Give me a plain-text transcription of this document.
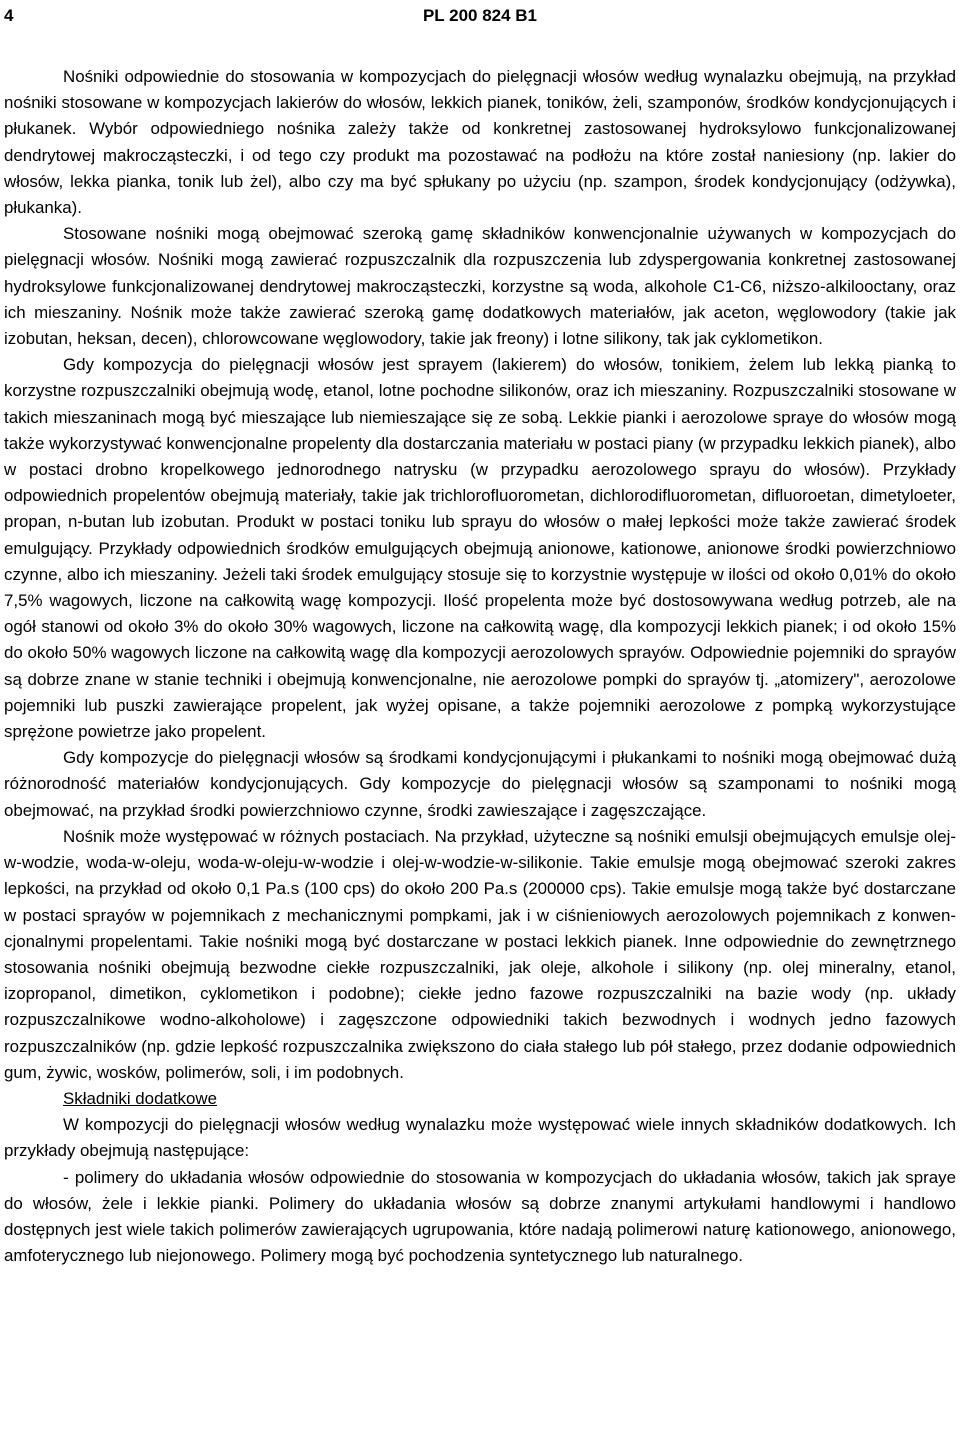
4	PL 200 824 B1

Nośniki odpowiednie do stosowania w kompozycjach do pielęgnacji włosów według wynalazku obejmują, na przykład nośniki stosowane w kompozycjach lakierów do włosów, lekkich pianek, toników, żeli, szamponów, środków kondycjonujących i płukanek. Wybór odpowiedniego nośnika zależy także od konkretnej zastosowanej hydroksylowo funkcjonalizowanej dendrytowej makrocząsteczki, i od tego czy produkt ma pozostawać na podłożu na które został naniesiony (np. lakier do włosów, lekka pianka, tonik lub żel), albo czy ma być spłukany po użyciu (np. szampon, środek kondycjonujący (odżywka), płukanka).

Stosowane nośniki mogą obejmować szeroką gamę składników konwencjonalnie używanych w kompozycjach do pielęgnacji włosów. Nośniki mogą zawierać rozpuszczalnik dla rozpuszczenia lub zdyspergowania konkretnej zastosowanej hydroksylowe funkcjonalizowanej dendrytowej makrocząsteczki, korzystne są woda, alkohole C1-C6, niższo-alkilooctany, oraz ich mieszaniny. Nośnik może także zawierać szeroką gamę dodatkowych materiałów, jak aceton, węglowodory (takie jak izobutan, heksan, decen), chlorowcowane węglowodory, takie jak freony) i lotne silikony, tak jak cyklometikon.

Gdy kompozycja do pielęgnacji włosów jest sprayem (lakierem) do włosów, tonikiem, żelem lub lekką pianką to korzystne rozpuszczalniki obejmują wodę, etanol, lotne pochodne silikonów, oraz ich mieszaniny. Rozpuszczalniki stosowane w takich mieszaninach mogą być mieszające lub niemieszające się ze sobą. Lekkie pianki i aerozolowe spraye do włosów mogą także wykorzystywać konwencjonalne propelenty dla dostarczania materiału w postaci piany (w przypadku lekkich pianek), albo w postaci drobno kropelkowego jednorodnego natrysku (w przypadku aerozolowego sprayu do włosów). Przykłady odpowiednich propelentów obejmują materiały, takie jak trichlorofluorometan, dichlorodifluorometan, difluoroetan, dimetyloeter, propan, n-butan lub izobutan. Produkt w postaci toniku lub sprayu do włosów o małej lepkości może także zawierać środek emulgujący. Przykłady odpowiednich środków emulgujących obejmują anionowe, kationowe, anionowe środki powierzchniowo czynne, albo ich mieszaniny. Jeżeli taki środek emulgujący stosuje się to korzystnie występuje w ilości od około 0,01% do około 7,5% wagowych, liczone na całkowitą wagę kompozycji. Ilość propelenta może być dostosowywana według potrzeb, ale na ogół stanowi od około 3% do około 30% wagowych, liczone na całkowitą wagę, dla kompozycji lekkich pianek; i od około 15% do około 50% wagowych liczone na całkowitą wagę dla kompozycji aerozolowych sprayów. Odpowiednie pojemniki do sprayów są dobrze znane w stanie techniki i obejmują konwencjonalne, nie aerozolowe pompki do sprayów tj. „atomizery", aerozolowe pojemniki lub puszki zawierające propelent, jak wyżej opisane, a także pojemniki aerozolowe z pompką wykorzystujące sprężone powietrze jako propelent.

Gdy kompozycje do pielęgnacji włosów są środkami kondycjonującymi i płukankami to nośniki mogą obejmować dużą różnorodność materiałów kondycjonujących. Gdy kompozycje do pielęgnacji włosów są szamponami to nośniki mogą obejmować, na przykład środki powierzchniowo czynne, środki zawieszające i zagęszczające.

Nośnik może występować w różnych postaciach. Na przykład, użyteczne są nośniki emulsji obejmujących emulsje olej-w-wodzie, woda-w-oleju, woda-w-oleju-w-wodzie i olej-w-wodzie-w-silikonie. Takie emulsje mogą obejmować szeroki zakres lepkości, na przykład od około 0,1 Pa.s (100 cps) do około 200 Pa.s (200000 cps). Takie emulsje mogą także być dostarczane w postaci sprayów w pojemnikach z mechanicznymi pompkami, jak i w ciśnieniowych aerozolowych pojemnikach z konwencjonalnymi propelentami. Takie nośniki mogą być dostarczane w postaci lekkich pianek. Inne odpowiednie do zewnętrznego stosowania nośniki obejmują bezwodne ciekłe rozpuszczalniki, jak oleje, alkohole i silikony (np. olej mineralny, etanol, izopropanol, dimetikon, cyklometikon i podobne); ciekłe jedno fazowe rozpuszczalniki na bazie wody (np. układy rozpuszczalnikowe wodno-alkoholowe) i zagęszczone odpowiedniki takich bezwodnych i wodnych jedno fazowych rozpuszczalników (np. gdzie lepkość rozpuszczalnika zwiększono do ciała stałego lub pół stałego, przez dodanie odpowiednich gum, żywic, wosków, polimerów, soli, i im podobnych.

Składniki dodatkowe

W kompozycji do pielęgnacji włosów według wynalazku może występować wiele innych składników dodatkowych. Ich przykłady obejmują następujące:

- polimery do układania włosów odpowiednie do stosowania w kompozycjach do układania włosów, takich jak spraye do włosów, żele i lekkie pianki. Polimery do układania włosów są dobrze znanymi artykułami handlowymi i handlowo dostępnych jest wiele takich polimerów zawierających ugrupowania, które nadają polimerowi naturę kationowego, anionowego, amfoterycznego lub niejonowego. Polimery mogą być pochodzenia syntetycznego lub naturalnego.
